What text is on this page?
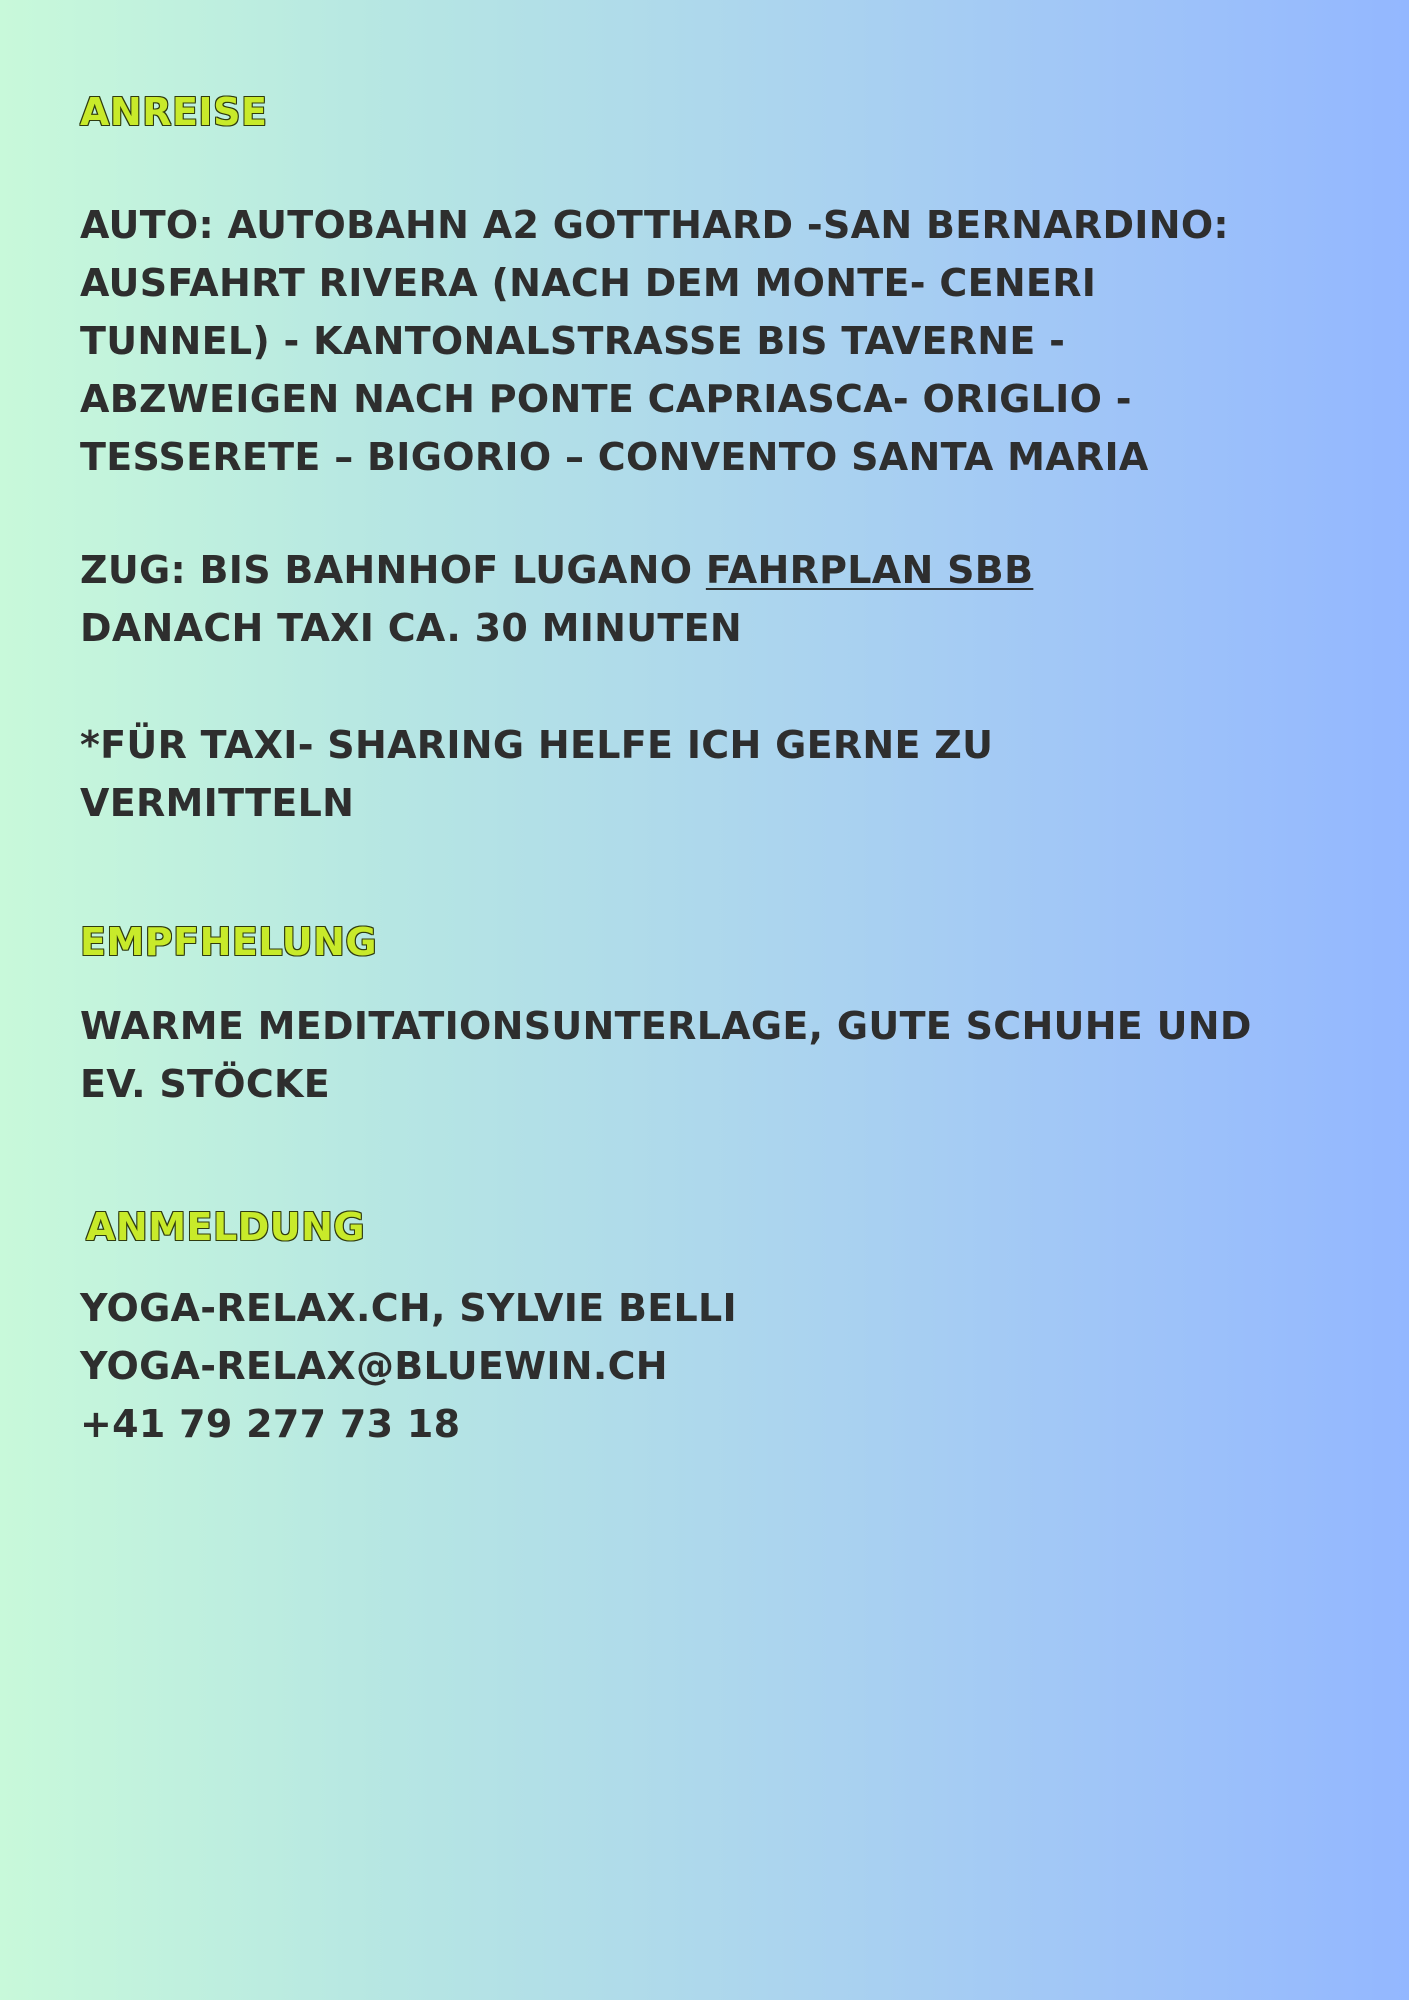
ANREISE
AUTO: AUTOBAHN A2 GOTTHARD -SAN BERNARDINO:
AUSFAHRT RIVERA (NACH DEM MONTE- CENERI
TUNNEL) - KANTONALSTRASSE BIS TAVERNE -
ABZWEIGEN NACH PONTE CAPRIASCA- ORIGLIO -
TESSERETE – BIGORIO – CONVENTO SANTA MARIA
ZUG: BIS BAHNHOF LUGANO FAHRPLAN SBB
DANACH TAXI CA. 30 MINUTEN
*FÜR TAXI- SHARING HELFE ICH GERNE ZU
VERMITTELN
EMPFHELUNG
WARME MEDITATIONSUNTERLAGE, GUTE SCHUHE UND
EV. STÖCKE
ANMELDUNG
YOGA-RELAX.CH, SYLVIE BELLI
YOGA-RELAX@BLUEWIN.CH
+41 79 277 73 18
